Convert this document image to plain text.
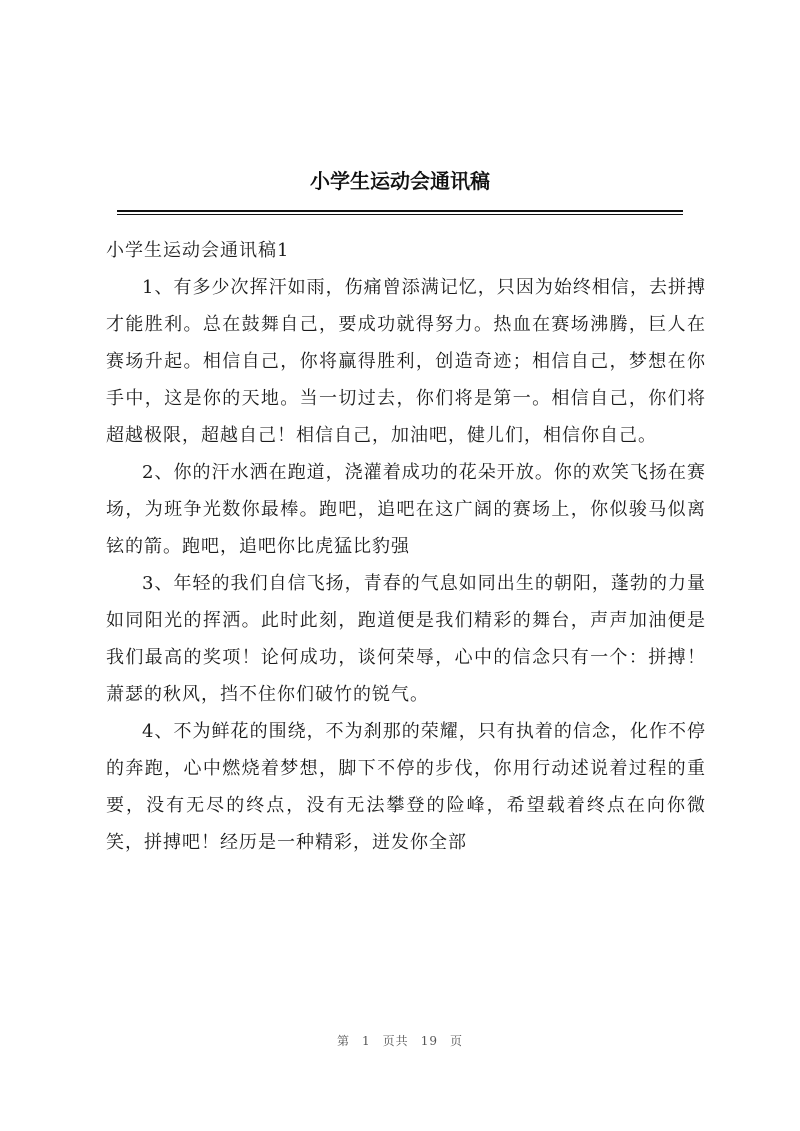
小学生运动会通讯稿

小学生运动会通讯稿1

1、有多少次挥汗如雨，伤痛曾添满记忆，只因为始终相信，去拼搏才能胜利。总在鼓舞自己，要成功就得努力。热血在赛场沸腾，巨人在赛场升起。相信自己，你将赢得胜利，创造奇迹；相信自己，梦想在你手中，这是你的天地。当一切过去，你们将是第一。相信自己，你们将超越极限，超越自己！相信自己，加油吧，健儿们，相信你自己。

2、你的汗水洒在跑道，浇灌着成功的花朵开放。你的欢笑飞扬在赛场，为班争光数你最棒。跑吧，追吧在这广阔的赛场上，你似骏马似离铉的箭。跑吧，追吧你比虎猛比豹强

3、年轻的我们自信飞扬，青春的气息如同出生的朝阳，蓬勃的力量如同阳光的挥洒。此时此刻，跑道便是我们精彩的舞台，声声加油便是我们最高的奖项！论何成功，谈何荣辱，心中的信念只有一个：拼搏！萧瑟的秋风，挡不住你们破竹的锐气。

4、不为鲜花的围绕，不为刹那的荣耀，只有执着的信念，化作不停的奔跑，心中燃烧着梦想，脚下不停的步伐，你用行动述说着过程的重要，没有无尽的终点，没有无法攀登的险峰，希望载着终点在向你微笑，拼搏吧！经历是一种精彩，迸发你全部

第 1 页共 19 页
